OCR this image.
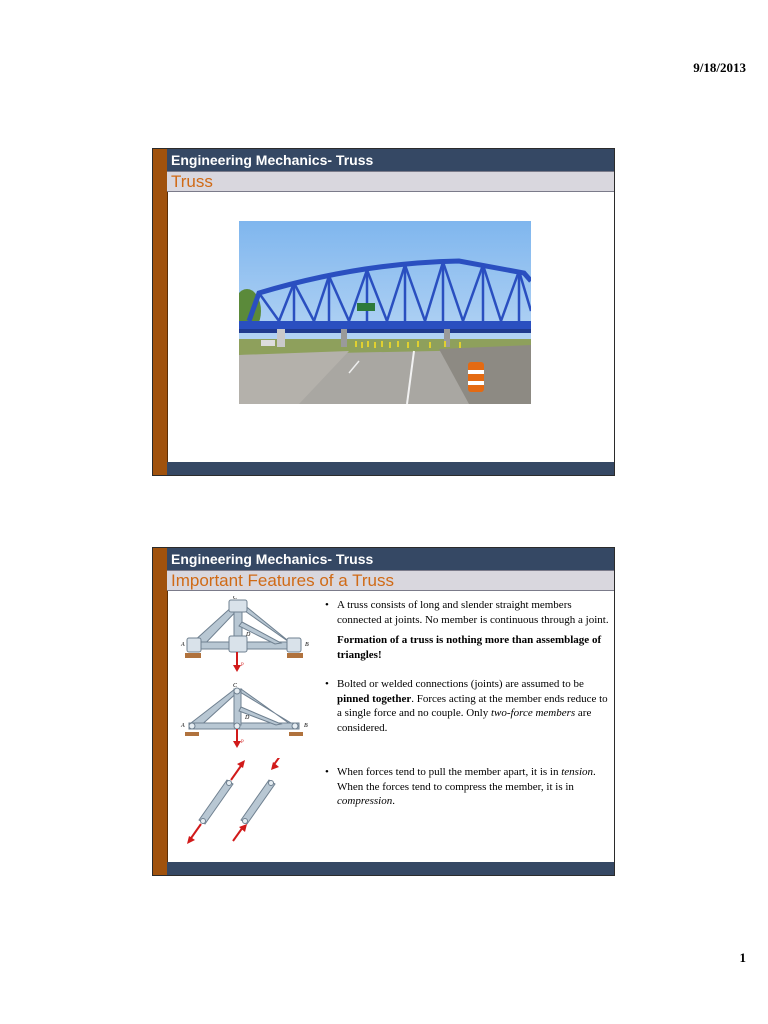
9/18/2013
Engineering Mechanics- Truss
Truss
Engineering Mechanics- Truss
Important Features of a Truss
C
D
A	B
P
C
D
A	B
P

• A truss consists of long and slender straight members connected at joints. No member is continuous through a joint.

Formation of a truss is nothing more than assemblage of triangles!

• Bolted or welded connections (joints) are assumed to be pinned together. Forces acting at the member ends reduce to a single force and no couple. Only two-force members are considered.

• When forces tend to pull the member apart, it is in tension. When the forces tend to compress the member, it is in compression.

1
